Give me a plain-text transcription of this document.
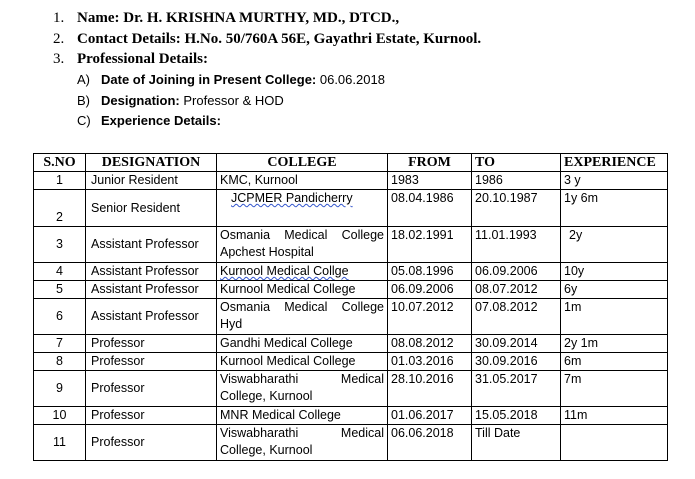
1. Name: Dr. H. KRISHNA MURTHY, MD., DTCD.,
2. Contact Details: H.No. 50/760A 56E, Gayathri Estate, Kurnool.
3. Professional Details:
A) Date of Joining in Present College: 06.06.2018
B) Designation: Professor & HOD
C) Experience Details:
S.NO	DESIGNATION	COLLEGE	FROM	TO	EXPERIENCE
1	Junior Resident	KMC, Kurnool	1983	1986	3 y
2	Senior Resident	JCPMER Pandicherry	08.04.1986	20.10.1987	1y 6m
3	Assistant Professor	Osmania Medical College Apchest Hospital	18.02.1991	11.01.1993	2y
4	Assistant Professor	Kurnool Medical Collge	05.08.1996	06.09.2006	10y
5	Assistant Professor	Kurnool Medical College	06.09.2006	08.07.2012	6y
6	Assistant Professor	Osmania Medical College Hyd	10.07.2012	07.08.2012	1m
7	Professor	Gandhi Medical College	08.08.2012	30.09.2014	2y 1m
8	Professor	Kurnool Medical College	01.03.2016	30.09.2016	6m
9	Professor	Viswabharathi Medical College, Kurnool	28.10.2016	31.05.2017	7m
10	Professor	MNR Medical College	01.06.2017	15.05.2018	11m
11	Professor	Viswabharathi Medical College, Kurnool	06.06.2018	Till Date	
